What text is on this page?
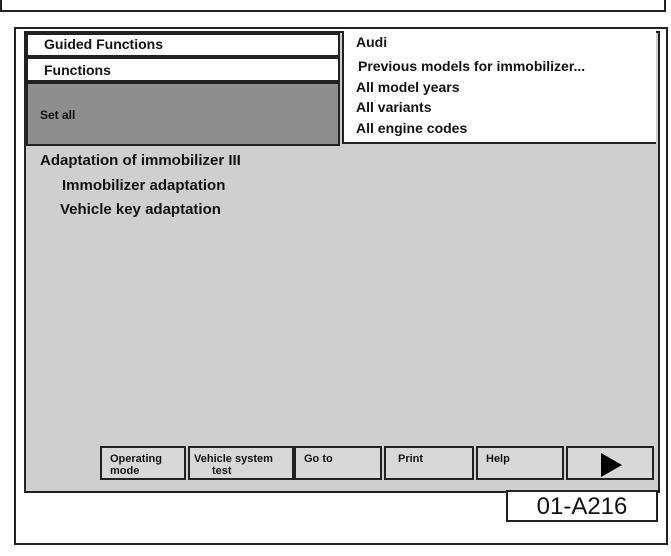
Guided Functions
Functions
Set all
Audi
Previous models for immobilizer...
All model years
All variants
All engine codes
Adaptation of immobilizer III
Immobilizer adaptation
Vehicle key adaptation
Operating
mode
Vehicle system
test
Go to	Print	Help
01-A216
